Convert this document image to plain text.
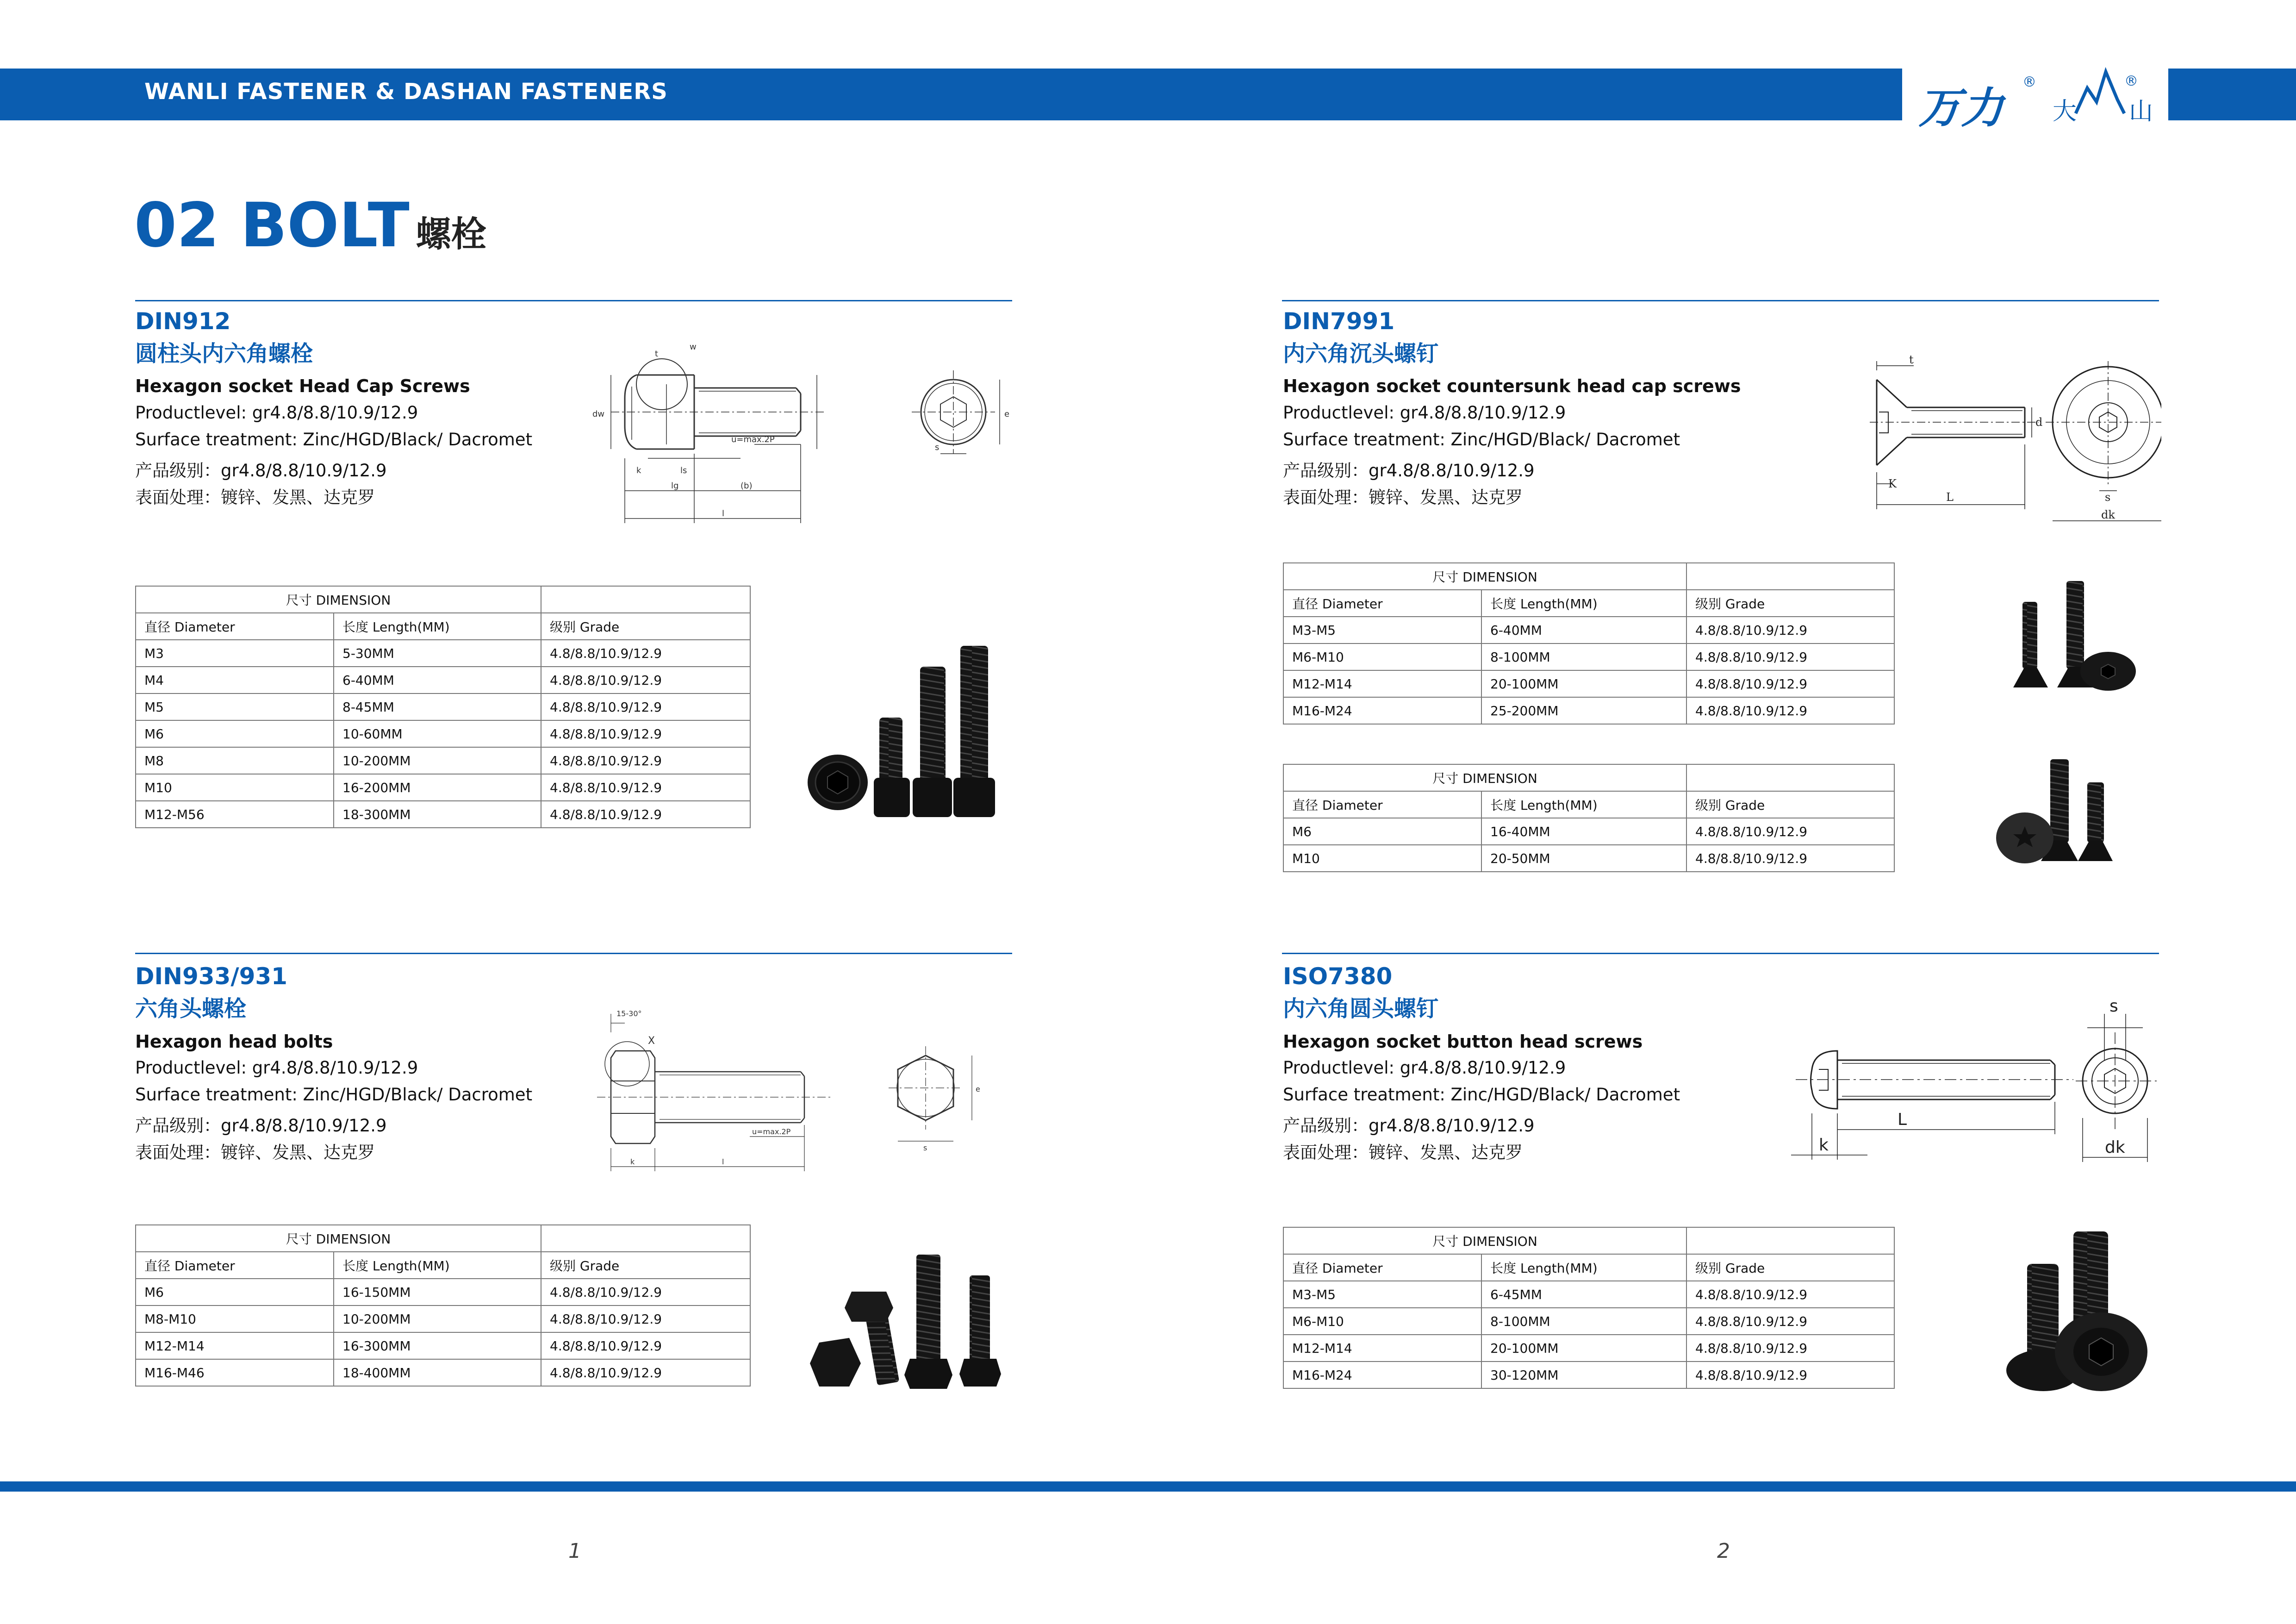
WANLI FASTENER & DASHAN FASTENERS	万力
®
大
®
山
02 BOLT 螺栓
DIN912
圆柱头内六角螺栓
Hexagon socket Head Cap Screws
Productlevel: gr4.8/8.8/10.9/12.9
Surface treatment: Zinc/HGD/Black/ Dacromet
产品级别：gr4.8/8.8/10.9/12.9
表面处理：镀锌、发黑、达克罗
dw
t
w
k	ls
lg	(b)
l
u=max.2P
s
e
尺寸 DIMENSION		
直径 Diameter	长度 Length(MM)	级别 Grade
M3	5-30MM	4.8/8.8/10.9/12.9
M4	6-40MM	4.8/8.8/10.9/12.9
M5	8-45MM	4.8/8.8/10.9/12.9
M6	10-60MM	4.8/8.8/10.9/12.9
M8	10-200MM	4.8/8.8/10.9/12.9
M10	16-200MM	4.8/8.8/10.9/12.9
M12-M56	18-300MM	4.8/8.8/10.9/12.9
DIN7991
内六角沉头螺钉
Hexagon socket countersunk head cap screws
Productlevel: gr4.8/8.8/10.9/12.9
Surface treatment: Zinc/HGD/Black/ Dacromet
产品级别：gr4.8/8.8/10.9/12.9
表面处理：镀锌、发黑、达克罗
t
d
K
L	s
dk
尺寸 DIMENSION		
直径 Diameter	长度 Length(MM)	级别 Grade
M3-M5	6-40MM	4.8/8.8/10.9/12.9
M6-M10	8-100MM	4.8/8.8/10.9/12.9
M12-M14	20-100MM	4.8/8.8/10.9/12.9
M16-M24	25-200MM	4.8/8.8/10.9/12.9
尺寸 DIMENSION		
直径 Diameter	长度 Length(MM)	级别 Grade
M6	16-40MM	4.8/8.8/10.9/12.9
M10	20-50MM	4.8/8.8/10.9/12.9
DIN933/931
六角头螺栓
Hexagon head bolts
Productlevel: gr4.8/8.8/10.9/12.9
Surface treatment: Zinc/HGD/Black/ Dacromet
产品级别：gr4.8/8.8/10.9/12.9
表面处理：镀锌、发黑、达克罗
15-30°
X
u=max.2P
k	l
s
e
尺寸 DIMENSION		
直径 Diameter	长度 Length(MM)	级别 Grade
M6	16-150MM	4.8/8.8/10.9/12.9
M8-M10	10-200MM	4.8/8.8/10.9/12.9
M12-M14	16-300MM	4.8/8.8/10.9/12.9
M16-M46	18-400MM	4.8/8.8/10.9/12.9
ISO7380
内六角圆头螺钉
Hexagon socket button head screws
Productlevel: gr4.8/8.8/10.9/12.9
Surface treatment: Zinc/HGD/Black/ Dacromet
产品级别：gr4.8/8.8/10.9/12.9
表面处理：镀锌、发黑、达克罗
s
k
L
dk
尺寸 DIMENSION		
直径 Diameter	长度 Length(MM)	级别 Grade
M3-M5	6-45MM	4.8/8.8/10.9/12.9
M6-M10	8-100MM	4.8/8.8/10.9/12.9
M12-M14	20-100MM	4.8/8.8/10.9/12.9
M16-M24	30-120MM	4.8/8.8/10.9/12.9
1	2
